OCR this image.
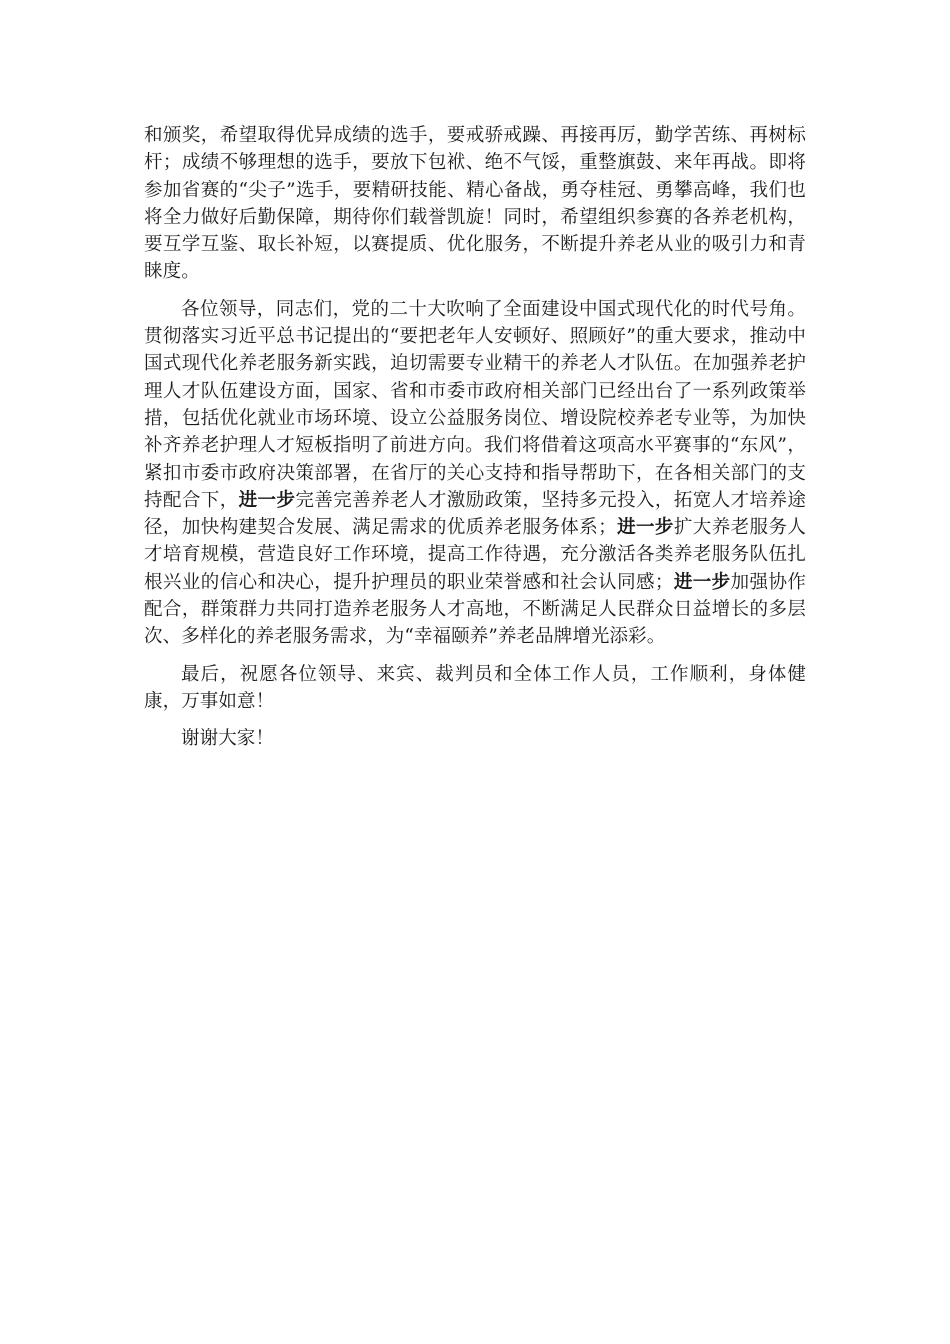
和颁奖，希望取得优异成绩的选手，要戒骄戒躁、再接再厉，勤学苦练、再树标杆；成绩不够理想的选手，要放下包袱、绝不气馁，重整旗鼓、来年再战。即将参加省赛的“尖子”选手，要精研技能、精心备战，勇夺桂冠、勇攀高峰，我们也将全力做好后勤保障，期待你们载誉凯旋！同时，希望组织参赛的各养老机构，要互学互鉴、取长补短，以赛提质、优化服务，不断提升养老从业的吸引力和青睐度。

各位领导，同志们，党的二十大吹响了全面建设中国式现代化的时代号角。贯彻落实习近平总书记提出的“要把老年人安顿好、照顾好”的重大要求，推动中国式现代化养老服务新实践，迫切需要专业精干的养老人才队伍。在加强养老护理人才队伍建设方面，国家、省和市委市政府相关部门已经出台了一系列政策举措，包括优化就业市场环境、设立公益服务岗位、增设院校养老专业等，为加快补齐养老护理人才短板指明了前进方向。我们将借着这项高水平赛事的“东风”，紧扣市委市政府决策部署，在省厅的关心支持和指导帮助下，在各相关部门的支持配合下，进一步完善完善养老人才激励政策，坚持多元投入，拓宽人才培养途径，加快构建契合发展、满足需求的优质养老服务体系；进一步扩大养老服务人才培育规模，营造良好工作环境，提高工作待遇，充分激活各类养老服务队伍扎根兴业的信心和决心，提升护理员的职业荣誉感和社会认同感；进一步加强协作配合，群策群力共同打造养老服务人才高地，不断满足人民群众日益增长的多层次、多样化的养老服务需求，为“幸福颐养”养老品牌增光添彩。

最后，祝愿各位领导、来宾、裁判员和全体工作人员，工作顺利，身体健康，万事如意！

谢谢大家！
